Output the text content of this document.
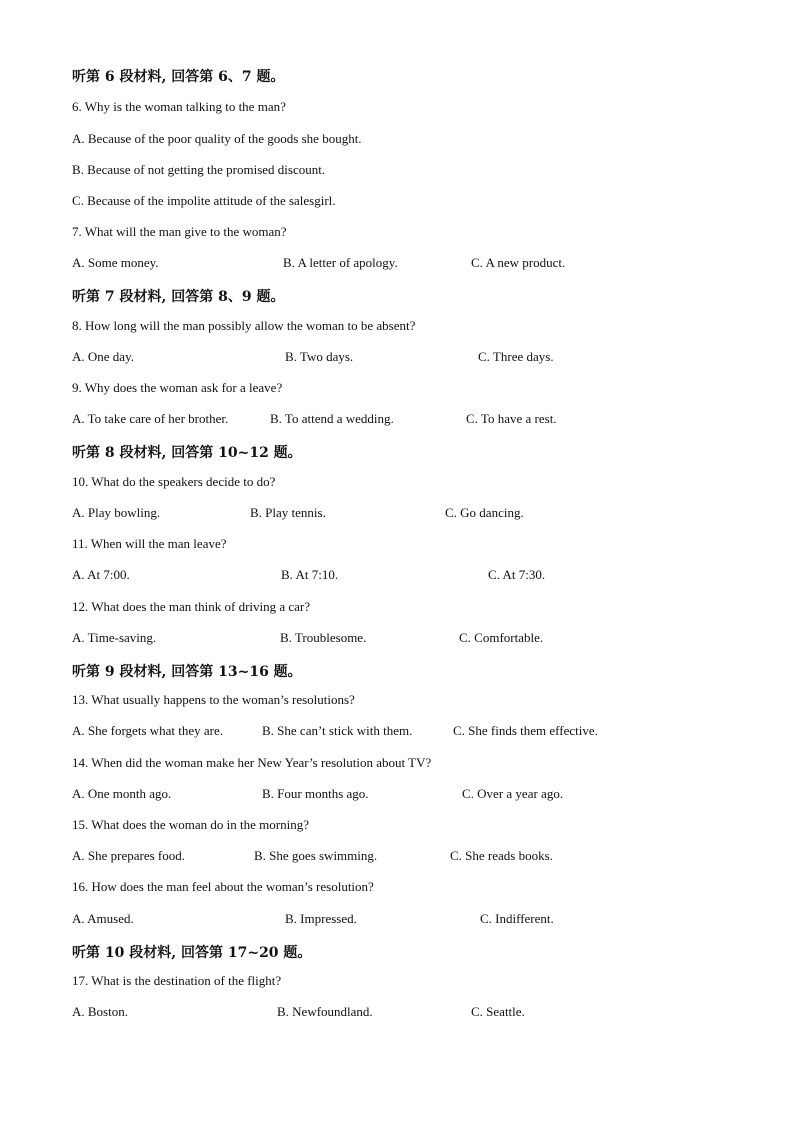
听第 6 段材料, 回答第 6、7 题。
6. Why is the woman talking to the man?
A. Because of the poor quality of the goods she bought.
B. Because of not getting the promised discount.
C. Because of the impolite attitude of the salesgirl.
7. What will the man give to the woman?
A. Some money.	B. A letter of apology.	C. A new product.
听第 7 段材料, 回答第 8、9 题。
8. How long will the man possibly allow the woman to be absent?
A. One day.	B. Two days.	C. Three days.
9. Why does the woman ask for a leave?
A. To take care of her brother.	B. To attend a wedding.	C. To have a rest.
听第 8 段材料, 回答第 10~12 题。
10. What do the speakers decide to do?
A. Play bowling.	B. Play tennis.	C. Go dancing.
11. When will the man leave?
A. At 7:00.	B. At 7:10.	C. At 7:30.
12. What does the man think of driving a car?
A. Time-saving.	B. Troublesome.	C. Comfortable.
听第 9 段材料, 回答第 13~16 题。
13. What usually happens to the woman’s resolutions?
A. She forgets what they are.	B. She can’t stick with them.	C. She finds them effective.
14. When did the woman make her New Year’s resolution about TV?
A. One month ago.	B. Four months ago.	C. Over a year ago.
15. What does the woman do in the morning?
A. She prepares food.	B. She goes swimming.	C. She reads books.
16. How does the man feel about the woman’s resolution?
A. Amused.	B. Impressed.	C. Indifferent.
听第 10 段材料, 回答第 17~20 题。
17. What is the destination of the flight?
A. Boston.	B. Newfoundland.	C. Seattle.
